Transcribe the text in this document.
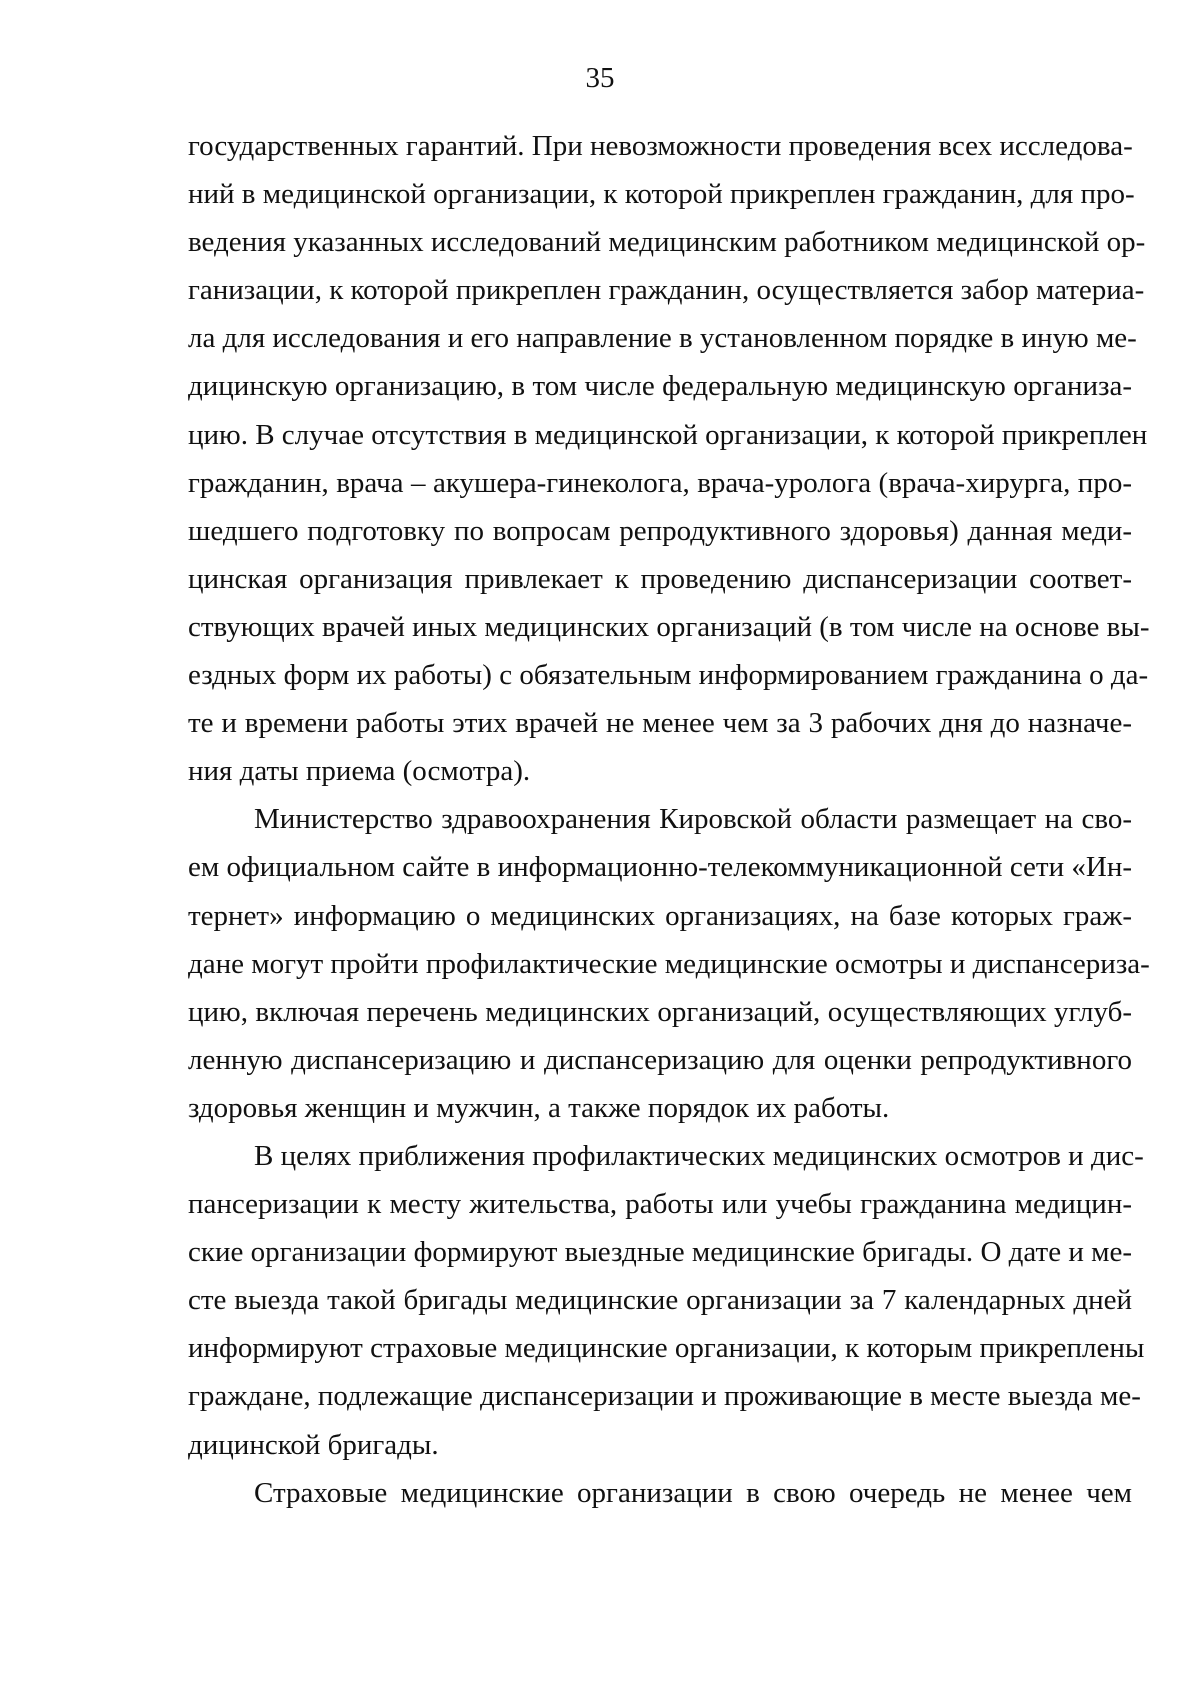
35
государственных гарантий. При невозможности проведения всех исследова-
ний в медицинской организации, к которой прикреплен гражданин, для про-
ведения указанных исследований медицинским работником медицинской ор-
ганизации, к которой прикреплен гражданин, осуществляется забор материа-
ла для исследования и его направление в установленном порядке в иную ме-
дицинскую организацию, в том числе федеральную медицинскую организа-
цию. В случае отсутствия в медицинской организации, к которой прикреплен
гражданин, врача – акушера-гинеколога, врача-уролога (врача-хирурга, про-
шедшего подготовку по вопросам репродуктивного здоровья) данная меди-
цинская организация привлекает к проведению диспансеризации соответ-
ствующих врачей иных медицинских организаций (в том числе на основе вы-
ездных форм их работы) с обязательным информированием гражданина о да-
те и времени работы этих врачей не менее чем за 3 рабочих дня до назначе-
ния даты приема (осмотра).
Министерство здравоохранения Кировской области размещает на сво-
ем официальном сайте в информационно-телекоммуникационной сети «Ин-
тернет» информацию о медицинских организациях, на базе которых граж-
дане могут пройти профилактические медицинские осмотры и диспансериза-
цию, включая перечень медицинских организаций, осуществляющих углуб-
ленную диспансеризацию и диспансеризацию для оценки репродуктивного
здоровья женщин и мужчин, а также порядок их работы.
В целях приближения профилактических медицинских осмотров и дис-
пансеризации к месту жительства, работы или учебы гражданина медицин-
ские организации формируют выездные медицинские бригады. О дате и ме-
сте выезда такой бригады медицинские организации за 7 календарных дней
информируют страховые медицинские организации, к которым прикреплены
граждане, подлежащие диспансеризации и проживающие в месте выезда ме-
дицинской бригады.
Страховые медицинские организации в свою очередь не менее чем
